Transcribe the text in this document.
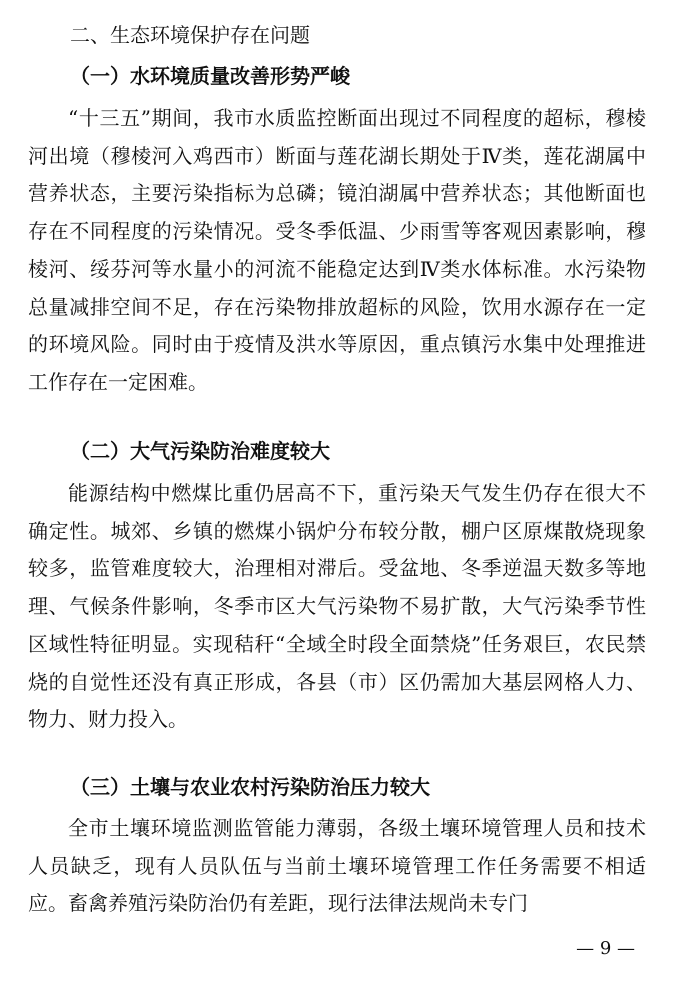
二、生态环境保护存在问题
（一）水环境质量改善形势严峻

“十三五”期间，我市水质监控断面出现过不同程度的超标，穆棱河出境（穆棱河入鸡西市）断面与莲花湖长期处于Ⅳ类，莲花湖属中营养状态，主要污染指标为总磷；镜泊湖属中营养状态；其他断面也存在不同程度的污染情况。受冬季低温、少雨雪等客观因素影响，穆棱河、绥芬河等水量小的河流不能稳定达到Ⅳ类水体标准。水污染物总量减排空间不足，存在污染物排放超标的风险，饮用水源存在一定的环境风险。同时由于疫情及洪水等原因，重点镇污水集中处理推进工作存在一定困难。

（二）大气污染防治难度较大

能源结构中燃煤比重仍居高不下，重污染天气发生仍存在很大不确定性。城郊、乡镇的燃煤小锅炉分布较分散，棚户区原煤散烧现象较多，监管难度较大，治理相对滞后。受盆地、冬季逆温天数多等地理、气候条件影响，冬季市区大气污染物不易扩散，大气污染季节性区域性特征明显。实现秸秆“全域全时段全面禁烧”任务艰巨，农民禁烧的自觉性还没有真正形成，各县（市）区仍需加大基层网格人力、物力、财力投入。

（三）土壤与农业农村污染防治压力较大

全市土壤环境监测监管能力薄弱，各级土壤环境管理人员和技术人员缺乏，现有人员队伍与当前土壤环境管理工作任务需要不相适应。畜禽养殖污染防治仍有差距，现行法律法规尚未专门

— 9 —
